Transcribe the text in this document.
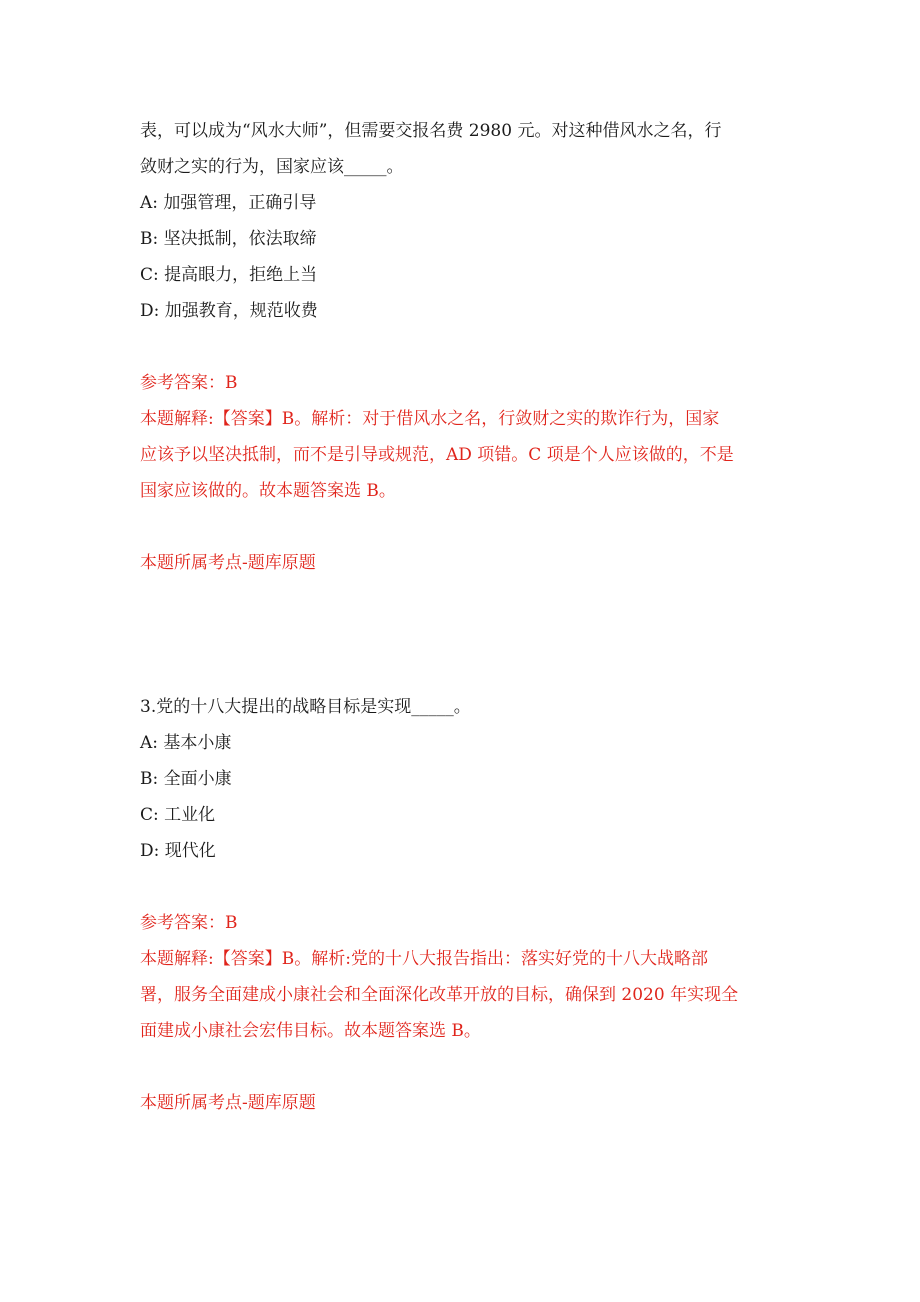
表，可以成为“风水大师”，但需要交报名费 2980 元。对这种借风水之名，行
敛财之实的行为，国家应该_____。
A: 加强管理，正确引导
B: 坚决抵制，依法取缔
C: 提高眼力，拒绝上当
D: 加强教育，规范收费
参考答案：B
本题解释:【答案】B。解析：对于借风水之名，行敛财之实的欺诈行为，国家
应该予以坚决抵制，而不是引导或规范，AD 项错。C 项是个人应该做的，不是
国家应该做的。故本题答案选 B。
本题所属考点-题库原题
3.党的十八大提出的战略目标是实现_____。
A: 基本小康
B: 全面小康
C: 工业化
D: 现代化
参考答案：B
本题解释:【答案】B。解析:党的十八大报告指出：落实好党的十八大战略部
署，服务全面建成小康社会和全面深化改革开放的目标，确保到 2020 年实现全
面建成小康社会宏伟目标。故本题答案选 B。
本题所属考点-题库原题
